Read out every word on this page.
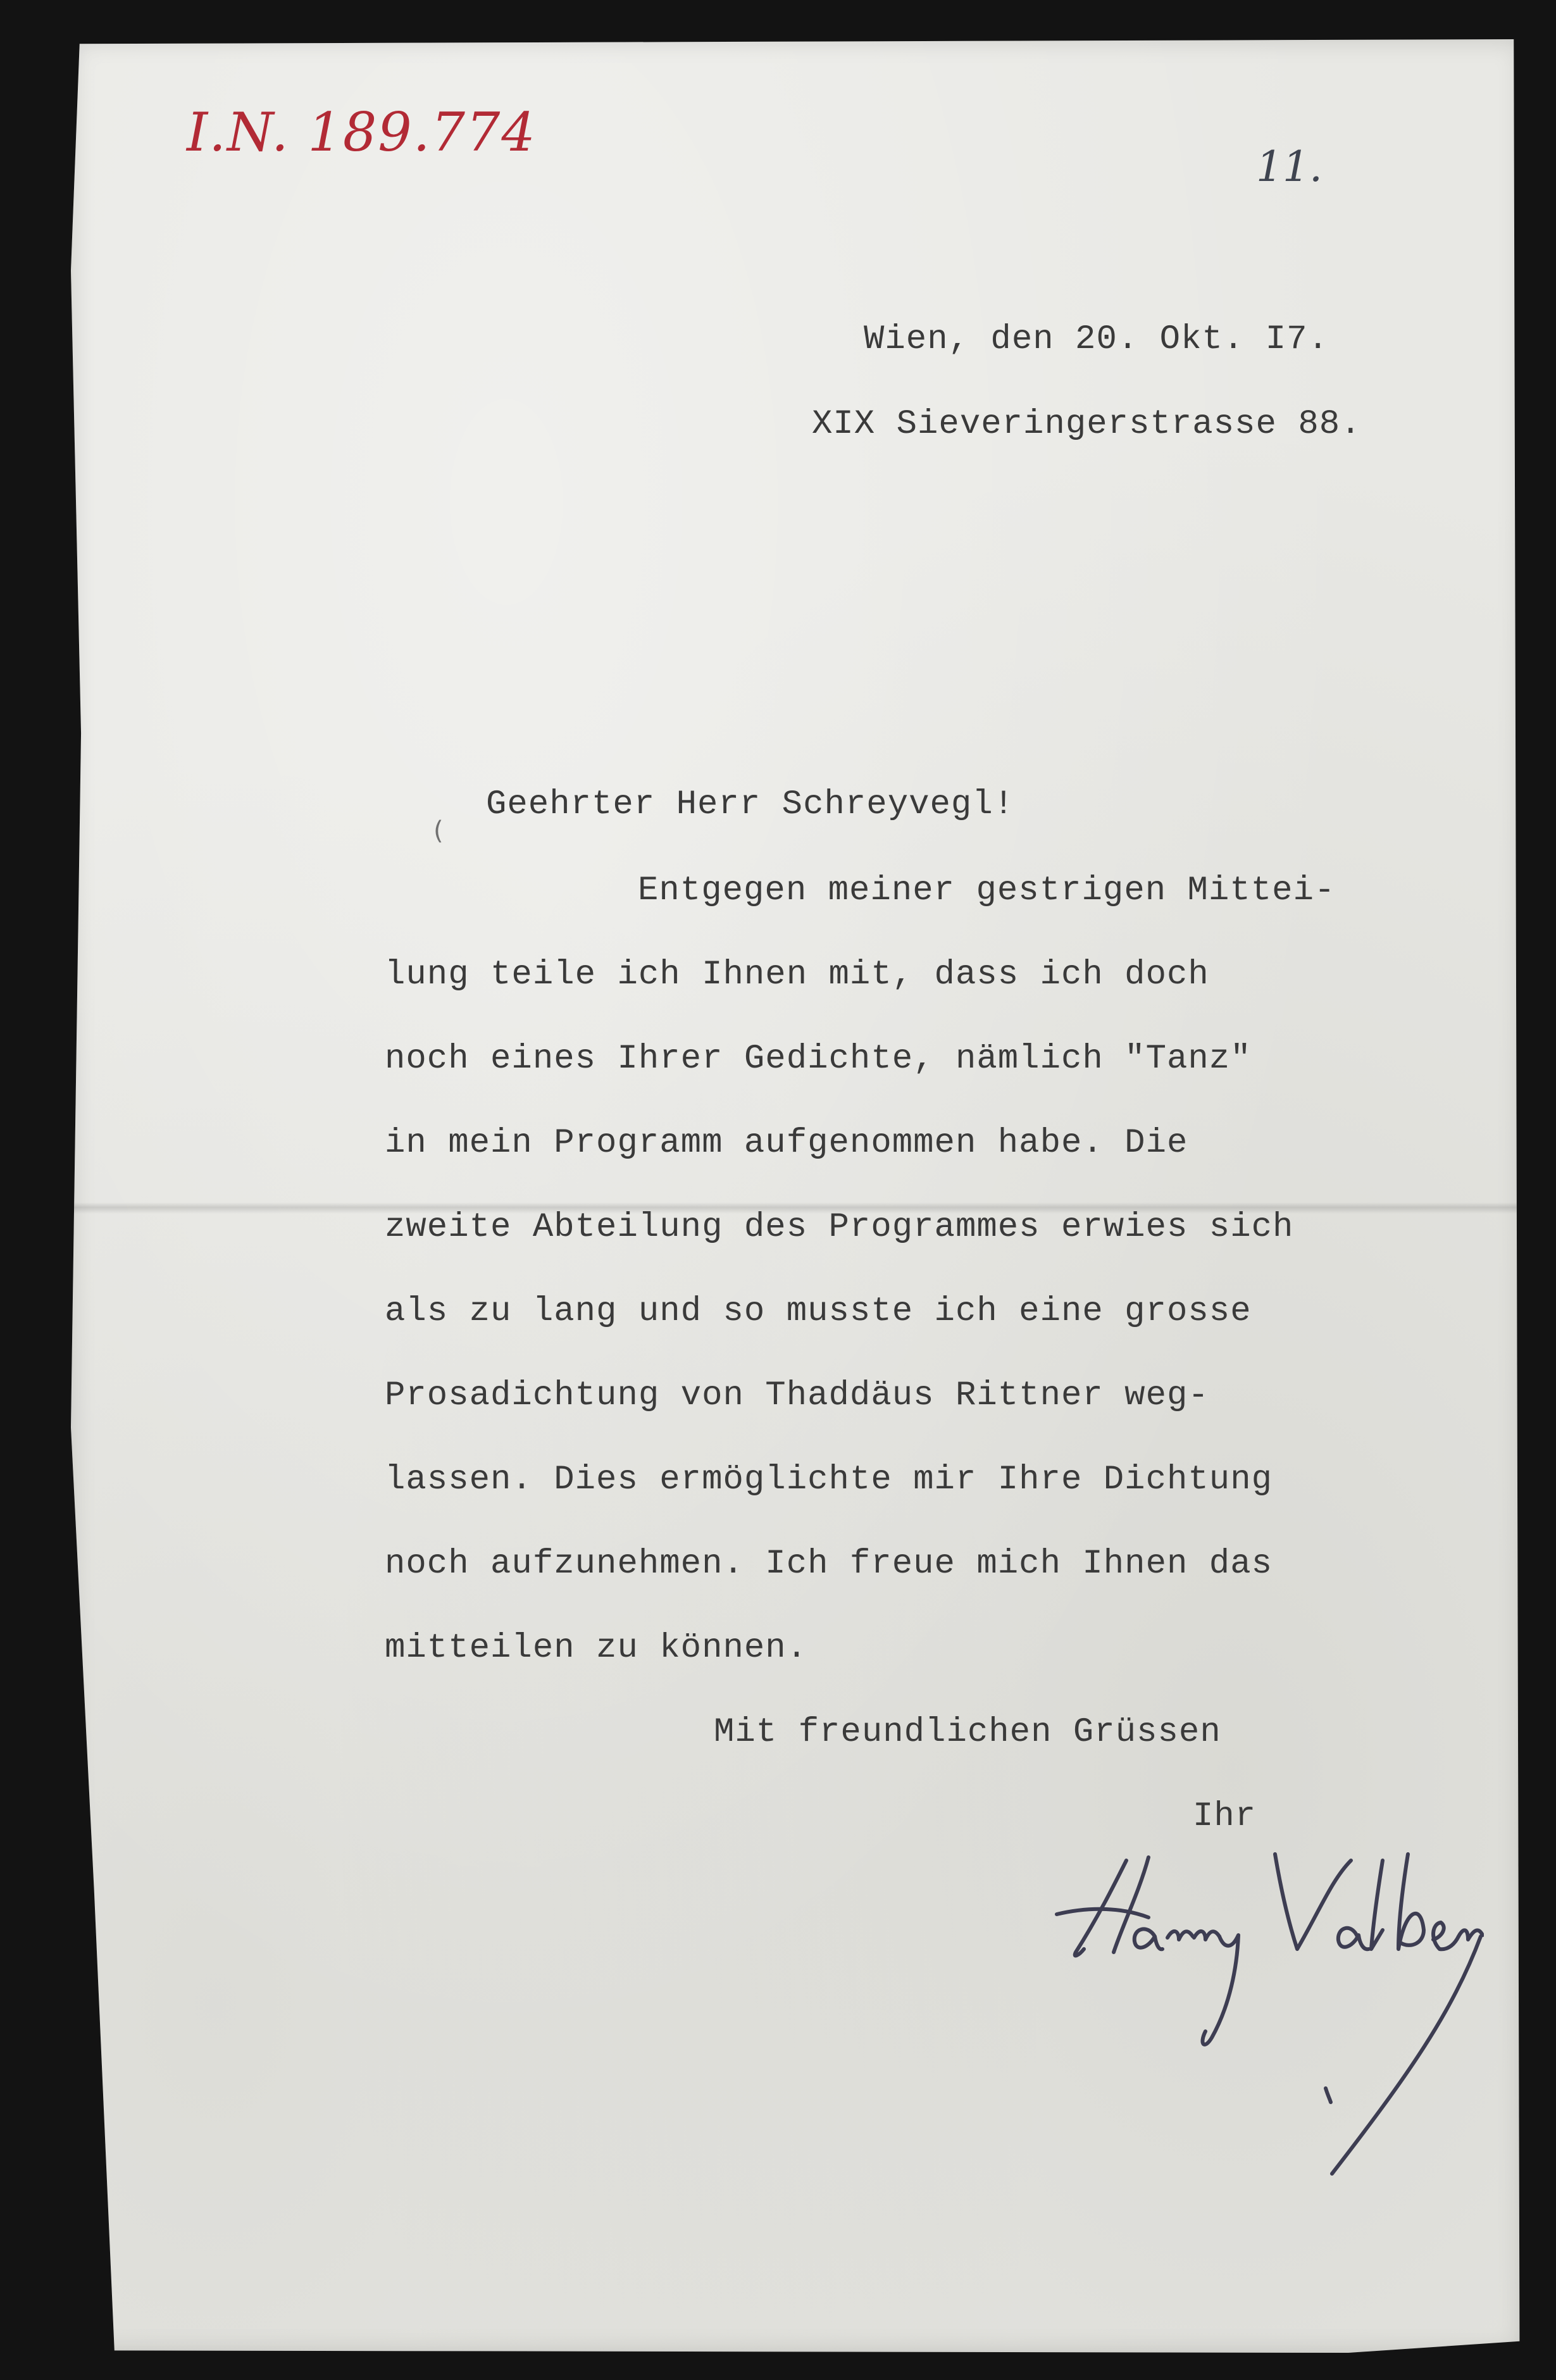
I.N. 189.774
11.
Wien, den 20. Okt. I7.
XIX Sieveringerstrasse 88.
(
Geehrter Herr Schreyvegl!
Entgegen meiner gestrigen Mittei-
lung teile ich Ihnen mit, dass ich doch
noch eines Ihrer Gedichte, nämlich "Tanz"
in mein Programm aufgenommen habe. Die
zweite Abteilung des Programmes erwies sich
als zu lang und so musste ich eine grosse
Prosadichtung von Thaddäus Rittner weg-
lassen. Dies ermöglichte mir Ihre Dichtung
noch aufzunehmen. Ich freue mich Ihnen das
mitteilen zu können.
Mit freundlichen Grüssen
Ihr
Harry Walden
